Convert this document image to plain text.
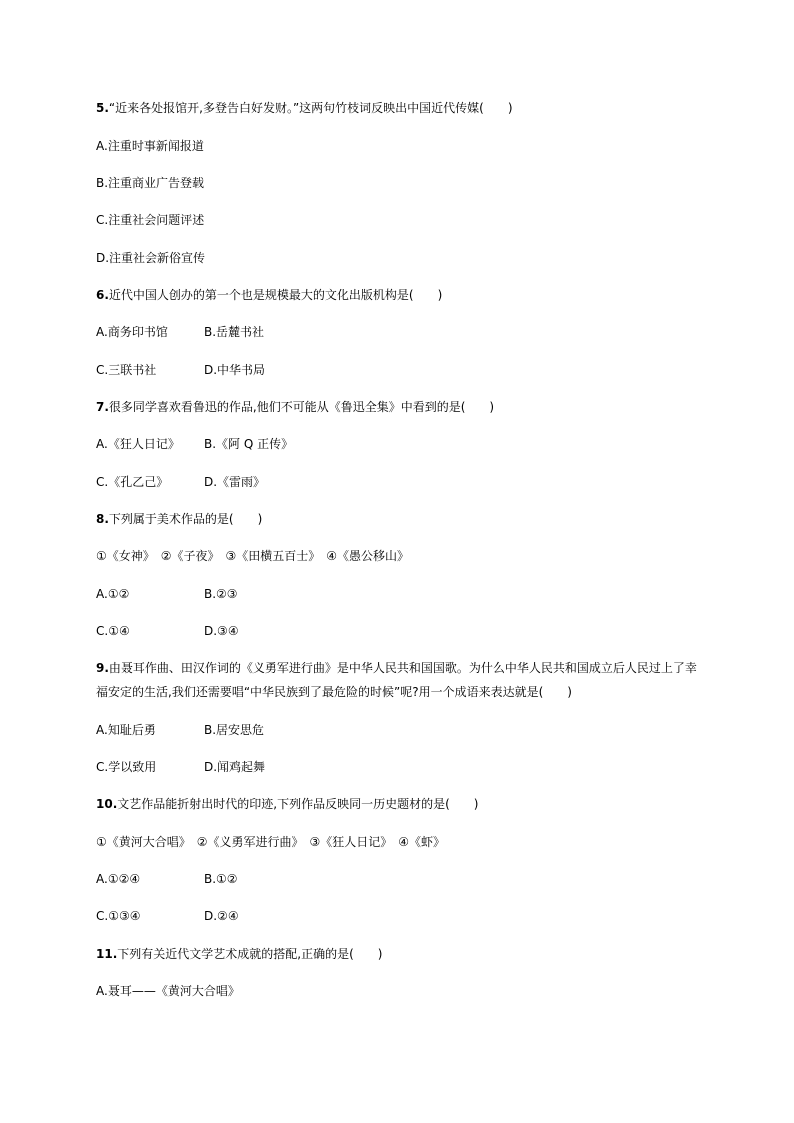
5.“近来各处报馆开,多登告白好发财。”这两句竹枝词反映出中国近代传媒(　　)
A.注重时事新闻报道
B.注重商业广告登载
C.注重社会问题评述
D.注重社会新俗宣传
6.近代中国人创办的第一个也是规模最大的文化出版机构是(　　)
A.商务印书馆	B.岳麓书社
C.三联书社	D.中华书局
7.很多同学喜欢看鲁迅的作品,他们不可能从《鲁迅全集》中看到的是(　　)
A.《狂人日记》 B.《阿 Q 正传》
C.《孔乙己》	D.《雷雨》
8.下列属于美术作品的是(　　)
①《女神》　②《子夜》　③《田横五百士》　④《愚公移山》
A.①②	B.②③
C.①④	D.③④
9.由聂耳作曲、田汉作词的《义勇军进行曲》是中华人民共和国国歌。为什么中华人民共和国成立后人民过上了幸福安定的生活,我们还需要唱“中华民族到了最危险的时候”呢?用一个成语来表达就是(　　)
A.知耻后勇	B.居安思危
C.学以致用	D.闻鸡起舞
10.文艺作品能折射出时代的印迹,下列作品反映同一历史题材的是(　　)
①《黄河大合唱》　②《义勇军进行曲》　③《狂人日记》　④《虾》
A.①②④	B.①②
C.①③④	D.②④
11.下列有关近代文学艺术成就的搭配,正确的是(　　)
A.聂耳——《黄河大合唱》
